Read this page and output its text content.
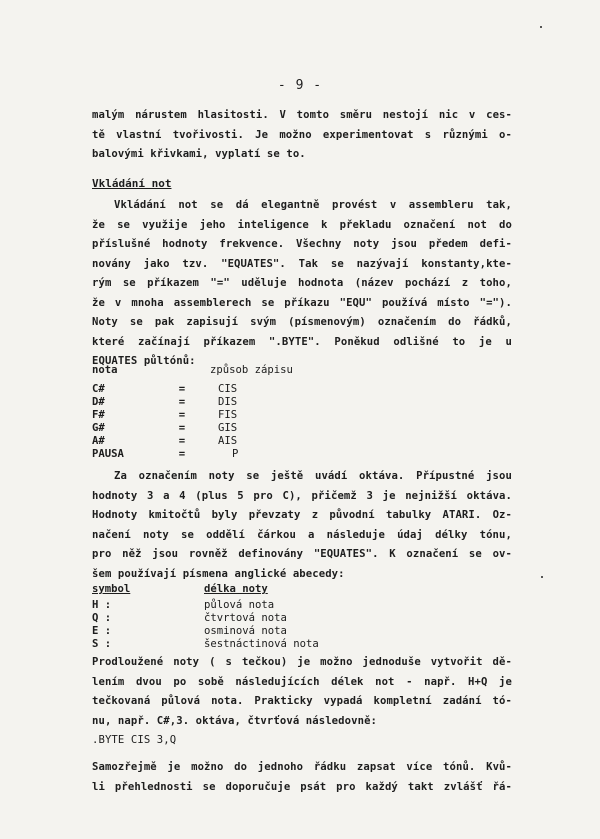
- 9 -
malým nárustem hlasitosti. V tomto směru nestojí nic v ces-
tě vlastní tvořivosti. Je možno experimentovat s různými o-
balovými křivkami, vyplatí se to.
Vkládání not
Vkládání not se dá elegantně provést v assembleru tak,
že se využije jeho inteligence k překladu označení not do
příslušné hodnoty frekvence. Všechny noty jsou předem defi-
novány jako tzv. "EQUATES". Tak se nazývají konstanty,kte-
rým se příkazem "=" uděluje hodnota (název pochází z toho,
že v mnoha assemblerech se příkazu "EQU" používá místo "=").
Noty se pak zapisují svým (písmenovým) označením do řádků,
které začínají příkazem ".BYTE". Poněkud odlišné to je u
EQUATES půltónů:
nota		způsob zápisu

C#	=	CIS
D#	=	DIS
F#	=	FIS
G#	=	GIS
A#	=	AIS
PAUSA	=	P
Za označením noty se ještě uvádí oktáva. Přípustné jsou
hodnoty 3 a 4 (plus 5 pro C), přičemž 3 je nejnižší oktáva.
Hodnoty kmitočtů byly převzaty z původní tabulky ATARI. Oz-
načení noty se oddělí čárkou a následuje údaj délky tónu,
pro něž jsou rovněž definovány "EQUATES". K označení se ov-
šem používají písmena anglické abecedy:
symbol	délka noty

H :	půlová nota
Q :	čtvrtová nota
E :	osminová nota
S :	šestnáctinová nota
Prodloužené noty ( s tečkou) je možno jednoduše vytvořit dě-
lením dvou po sobě následujících délek not - např. H+Q je
tečkovaná půlová nota. Prakticky vypadá kompletní zadání tó-
nu, např. C#,3. oktáva, čtvrťová následovně:
.BYTE CIS 3,Q
Samozřejmě je možno do jednoho řádku zapsat více tónů. Kvů-
li přehlednosti se doporučuje psát pro každý takt zvlášť řá-
